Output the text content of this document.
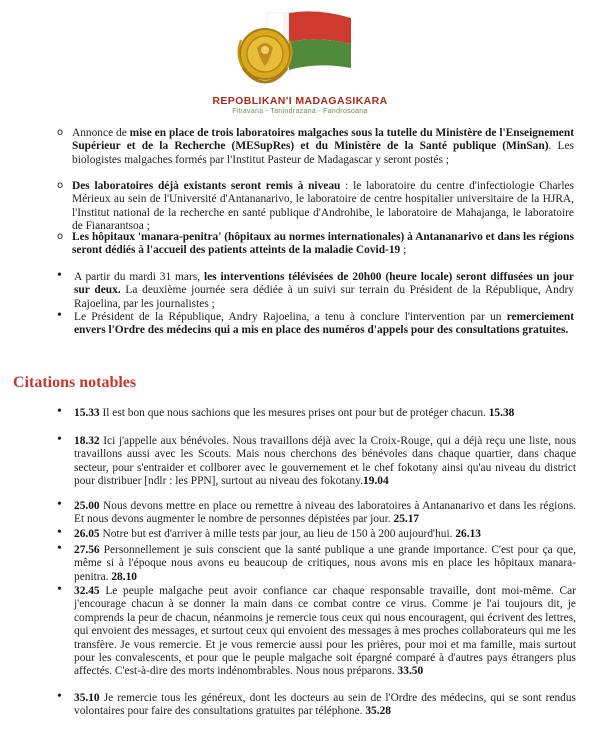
REPOBLIKAN'I MADAGASIKARA
Fitiavana - Tanindrazana - Fandrosoana
o Annonce de mise en place de trois laboratoires malgaches sous la tutelle du Ministère de l'Enseignement Supérieur et de la Recherche (MESupRes) et du Ministère de la Santé publique (MinSan). Les biologistes malgaches formés par l'Institut Pasteur de Madagascar y seront postés ;
o Des laboratoires déjà existants seront remis à niveau : le laboratoire du centre d'infectiologie Charles Mérieux au sein de l'Université d'Antananarivo, le laboratoire de centre hospitalier universitaire de la HJRA, l'Institut national de la recherche en santé publique d'Androhibe, le laboratoire de Mahajanga, le laboratoire de Fianarantsoa ;
o Les hôpitaux 'manara-penitra' (hôpitaux au normes internationales) à Antananarivo et dans les régions seront dédiés à l'accueil des patients atteints de la maladie Covid-19 ;
• A partir du mardi 31 mars, les interventions télévisées de 20h00 (heure locale) seront diffusées un jour sur deux. La deuxième journée sera dédiée à un suivi sur terrain du Président de la République, Andry Rajoelina, par les journalistes ;
• Le Président de la République, Andry Rajoelina, a tenu à conclure l'intervention par un remerciement envers l'Ordre des médecins qui a mis en place des numéros d'appels pour des consultations gratuites.
Citations notables
• 15.33 Il est bon que nous sachions que les mesures prises ont pour but de protéger chacun. 15.38
• 18.32 Ici j'appelle aux bénévoles. Nous travaillons déjà avec la Croix-Rouge, qui a déjà reçu une liste, nous travaillons aussi avec les Scouts. Mais nous cherchons des bénévoles dans chaque quartier, dans chaque secteur, pour s'entraider et collborer avec le gouvernement et le chef fokotany ainsi qu'au niveau du district pour distribuer [ndlr : les PPN], surtout au niveau des fokotany.19.04
• 25.00 Nous devons mettre en place ou remettre à niveau des laboratoires à Antananarivo et dans les régions. Et nous devons augmenter le nombre de personnes dépistées par jour. 25.17
• 26.05 Notre but est d'arriver à mille tests par jour, au lieu de 150 à 200 aujourd'hui. 26.13
• 27.56 Personnellement je suis conscient que la santé publique a une grande importance. C'est pour ça que, même si à l'époque nous avons eu beaucoup de critiques, nous avons mis en place les hôpitaux manara-penitra. 28.10
• 32.45 Le peuple malgache peut avoir confiance car chaque responsable travaille, dont moi-même. Car j'encourage chacun à se donner la main dans ce combat contre ce virus. Comme je l'ai toujours dit, je comprends la peur de chacun, néanmoins je remercie tous ceux qui nous encouragent, qui écrivent des lettres, qui envoient des messages, et surtout ceux qui envoient des messages à mes proches collaborateurs qui me les transfère. Je vous remercie. Et je vous remercie aussi pour les prières, pour moi et ma famille, mais surtout pour les convalescents, et pour que le peuple malgache soit épargné comparé à d'autres pays étrangers plus affectés. C'est-à-dire des morts indénombrables. Nous nous préparons. 33.50
• 35.10 Je remercie tous les généreux, dont les docteurs au sein de l'Ordre des médecins, qui se sont rendus volontaires pour faire des consultations gratuites par téléphone. 35.28
